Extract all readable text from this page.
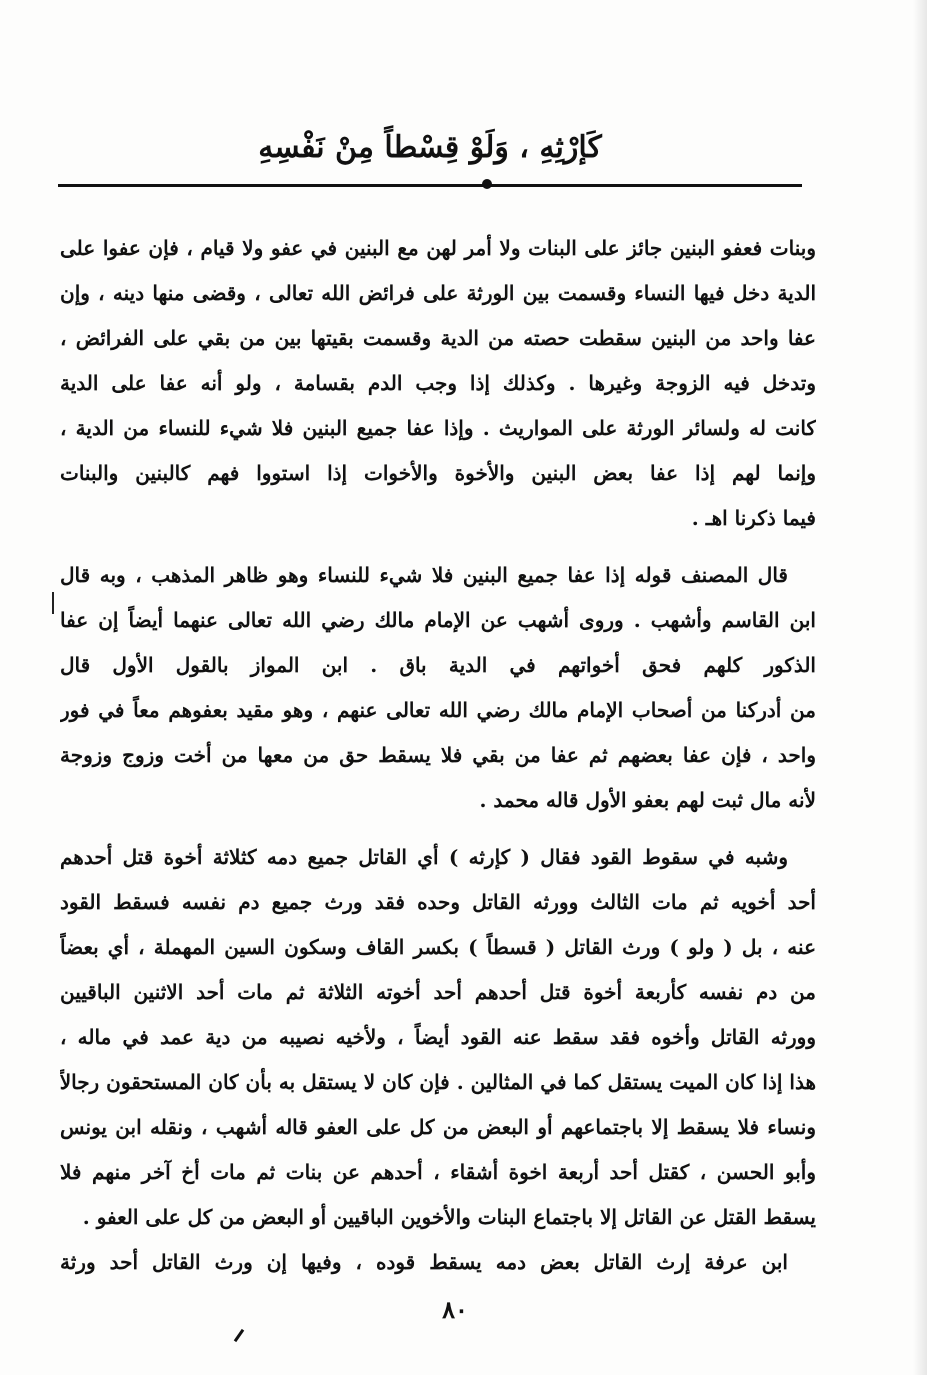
كَإرْثِهِ ، وَلَوْ قِسْطاً مِنْ نَفْسِهِ
وبنات فعفو البنين جائز على البنات ولا أمر لهن مع البنين في عفو ولا قيام ، فإن عفوا على
الدية دخل فيها النساء وقسمت بين الورثة على فرائض الله تعالى ، وقضى منها دينه ، وإن
عفا واحد من البنين سقطت حصته من الدية وقسمت بقيتها بين من بقي على الفرائض ،
وتدخل فيه الزوجة وغيرها . وكذلك إذا وجب الدم بقسامة ، ولو أنه عفا على الدية
كانت له ولسائر الورثة على المواريث . وإذا عفا جميع البنين فلا شيء للنساء من الدية ،
وإنما لهم إذا عفا بعض البنين والأخوة والأخوات إذا استووا فهم كالبنين والبنات
فيما ذكرنا اهـ .
قال المصنف قوله إذا عفا جميع البنين فلا شيء للنساء وهو ظاهر المذهب ، وبه قال
ابن القاسم وأشهب . وروى أشهب عن الإمام مالك رضي الله تعالى عنهما أيضاً إن عفا
الذكور كلهم فحق أخواتهم في الدية باق . ابن المواز بالقول الأول قال
من أدركنا من أصحاب الإمام مالك رضي الله تعالى عنهم ، وهو مقيد بعفوهم معاً في فور
واحد ، فإن عفا بعضهم ثم عفا من بقي فلا يسقط حق من معها من أخت وزوج وزوجة
لأنه مال ثبت لهم بعفو الأول قاله محمد .
وشبه في سقوط القود فقال ( كإرثه ) أي القاتل جميع دمه كثلاثة أخوة قتل أحدهم
أحد أخويه ثم مات الثالث وورثه القاتل وحده فقد ورث جميع دم نفسه فسقط القود
عنه ، بل ( ولو ) ورث القاتل ( قسطاً ) بكسر القاف وسكون السين المهملة ، أي بعضاً
من دم نفسه كأربعة أخوة قتل أحدهم أحد أخوته الثلاثة ثم مات أحد الاثنين الباقيين
وورثه القاتل وأخوه فقد سقط عنه القود أيضاً ، ولأخيه نصيبه من دية عمد في ماله ،
هذا إذا كان الميت يستقل كما في المثالين . فإن كان لا يستقل به بأن كان المستحقون رجالاً
ونساء فلا يسقط إلا باجتماعهم أو البعض من كل على العفو قاله أشهب ، ونقله ابن يونس
وأبو الحسن ، كقتل أحد أربعة اخوة أشقاء ، أحدهم عن بنات ثم مات أخ آخر منهم فلا
يسقط القتل عن القاتل إلا باجتماع البنات والأخوين الباقيين أو البعض من كل على العفو .
ابن عرفة إرث القاتل بعض دمه يسقط قوده ، وفيها إن ورث القاتل أحد ورثة
٨٠
